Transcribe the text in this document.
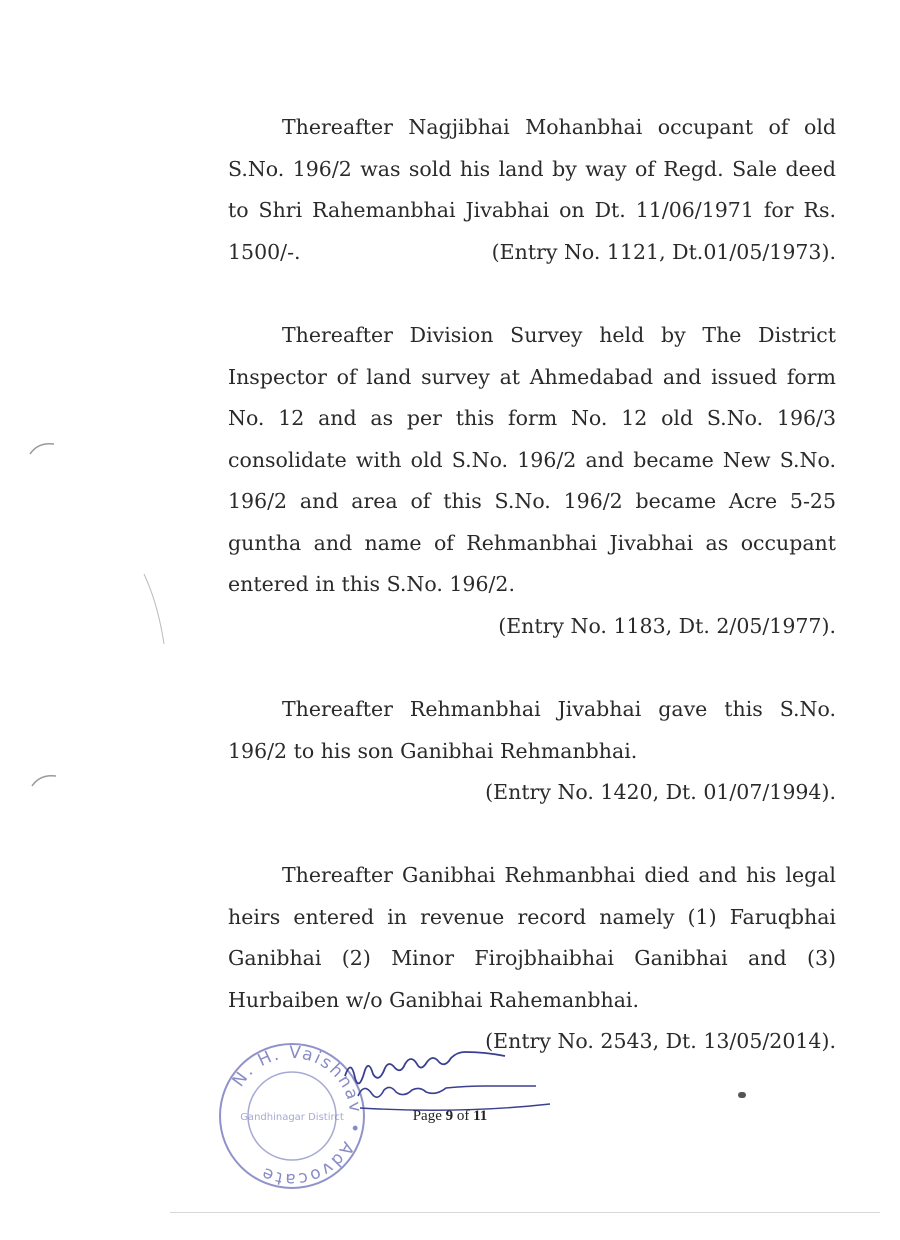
Thereafter Nagjibhai Mohanbhai occupant of old S.No. 196/2 was sold his land by way of Regd. Sale deed to Shri Rahemanbhai Jivabhai on Dt. 11/06/1971 for Rs. 1500/-.	(Entry No. 1121, Dt.01/05/1973).

Thereafter Division Survey held by The District Inspector of land survey at Ahmedabad and issued form No. 12 and as per this form No. 12 old S.No. 196/3 consolidate with old S.No. 196/2 and became New S.No. 196/2 and area of this S.No. 196/2 became Acre 5-25 guntha and name of Rehmanbhai Jivabhai as occupant entered in this S.No. 196/2.

(Entry No. 1183, Dt. 2/05/1977).

Thereafter Rehmanbhai Jivabhai gave this S.No. 196/2 to his son Ganibhai Rehmanbhai.

(Entry No. 1420, Dt. 01/07/1994).

Thereafter Ganibhai Rehmanbhai died and his legal heirs entered in revenue record namely (1) Faruqbhai Ganibhai (2) Minor Firojbhaibhai Ganibhai and (3) Hurbaiben w/o Ganibhai Rahemanbhai.

(Entry No. 2543, Dt. 13/05/2014).

N. H. Vaishnav • Advocate
Gandhinagar Distirct	Page 9 of 11
